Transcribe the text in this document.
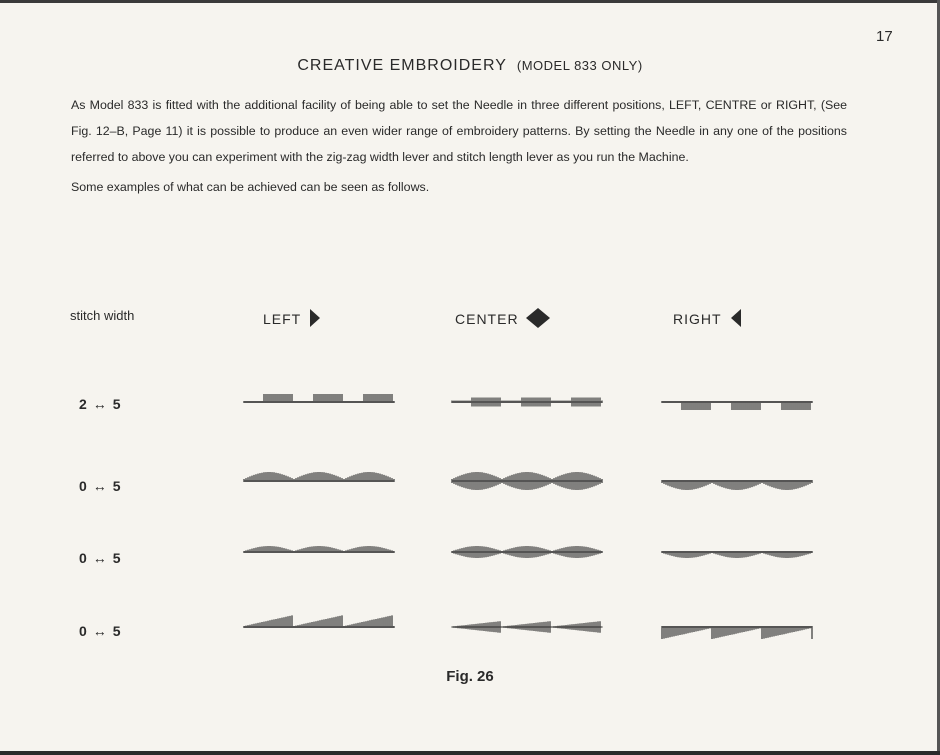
17
CREATIVE EMBROIDERY (MODEL 833 ONLY)

As Model 833 is fitted with the additional facility of being able to set the Needle in three different positions, LEFT, CENTRE or RIGHT, (See Fig. 12–B, Page 11) it is possible to produce an even wider range of embroidery patterns. By setting the Needle in any one of the positions referred to above you can experiment with the zig-zag width lever and stitch length lever as you run the Machine.

Some examples of what can be achieved can be seen as follows.

stitch width	LEFT	CENTER	RIGHT
2 ↔ 5
0 ↔ 5
0 ↔ 5
0 ↔ 5
Fig. 26
